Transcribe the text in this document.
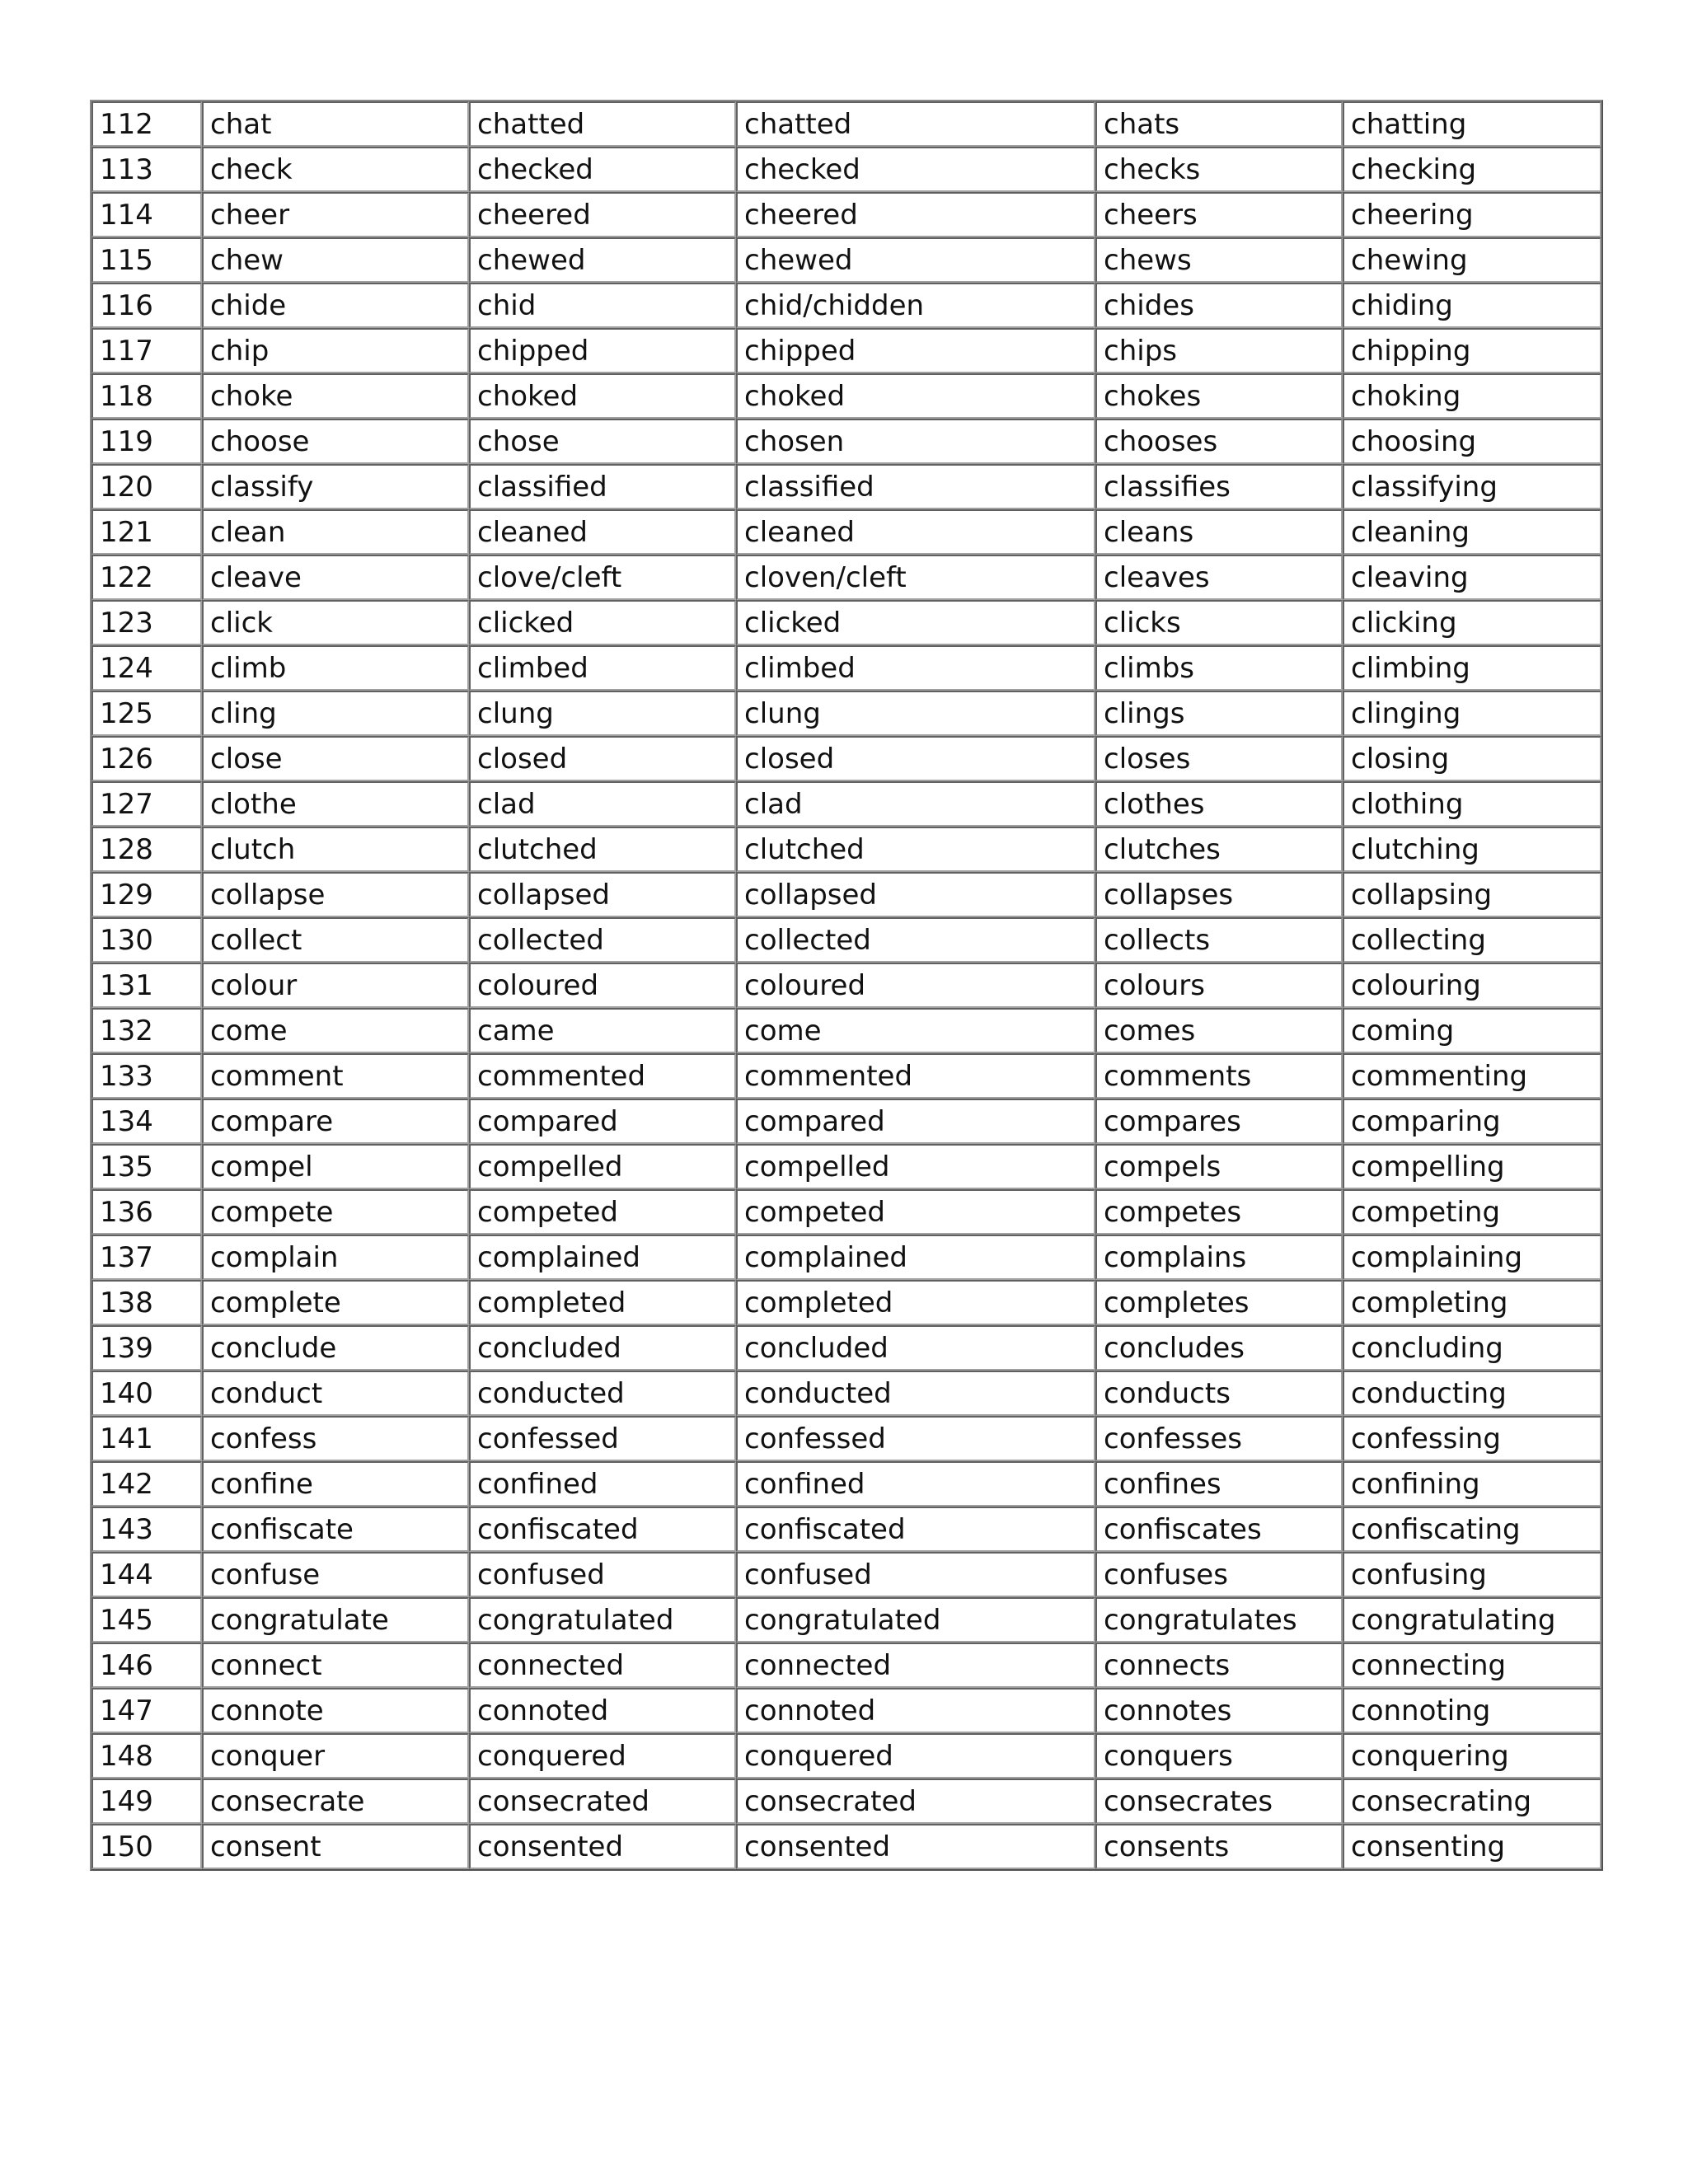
112	chat	chatted	chatted	chats	chatting
113	check	checked	checked	checks	checking
114	cheer	cheered	cheered	cheers	cheering
115	chew	chewed	chewed	chews	chewing
116	chide	chid	chid/chidden	chides	chiding
117	chip	chipped	chipped	chips	chipping
118	choke	choked	choked	chokes	choking
119	choose	chose	chosen	chooses	choosing
120	classify	classified	classified	classifies	classifying
121	clean	cleaned	cleaned	cleans	cleaning
122	cleave	clove/cleft	cloven/cleft	cleaves	cleaving
123	click	clicked	clicked	clicks	clicking
124	climb	climbed	climbed	climbs	climbing
125	cling	clung	clung	clings	clinging
126	close	closed	closed	closes	closing
127	clothe	clad	clad	clothes	clothing
128	clutch	clutched	clutched	clutches	clutching
129	collapse	collapsed	collapsed	collapses	collapsing
130	collect	collected	collected	collects	collecting
131	colour	coloured	coloured	colours	colouring
132	come	came	come	comes	coming
133	comment	commented	commented	comments	commenting
134	compare	compared	compared	compares	comparing
135	compel	compelled	compelled	compels	compelling
136	compete	competed	competed	competes	competing
137	complain	complained	complained	complains	complaining
138	complete	completed	completed	completes	completing
139	conclude	concluded	concluded	concludes	concluding
140	conduct	conducted	conducted	conducts	conducting
141	confess	confessed	confessed	confesses	confessing
142	confine	confined	confined	confines	confining
143	confiscate	confiscated	confiscated	confiscates	confiscating
144	confuse	confused	confused	confuses	confusing
145	congratulate	congratulated	congratulated	congratulates	congratulating
146	connect	connected	connected	connects	connecting
147	connote	connoted	connoted	connotes	connoting
148	conquer	conquered	conquered	conquers	conquering
149	consecrate	consecrated	consecrated	consecrates	consecrating
150	consent	consented	consented	consents	consenting
